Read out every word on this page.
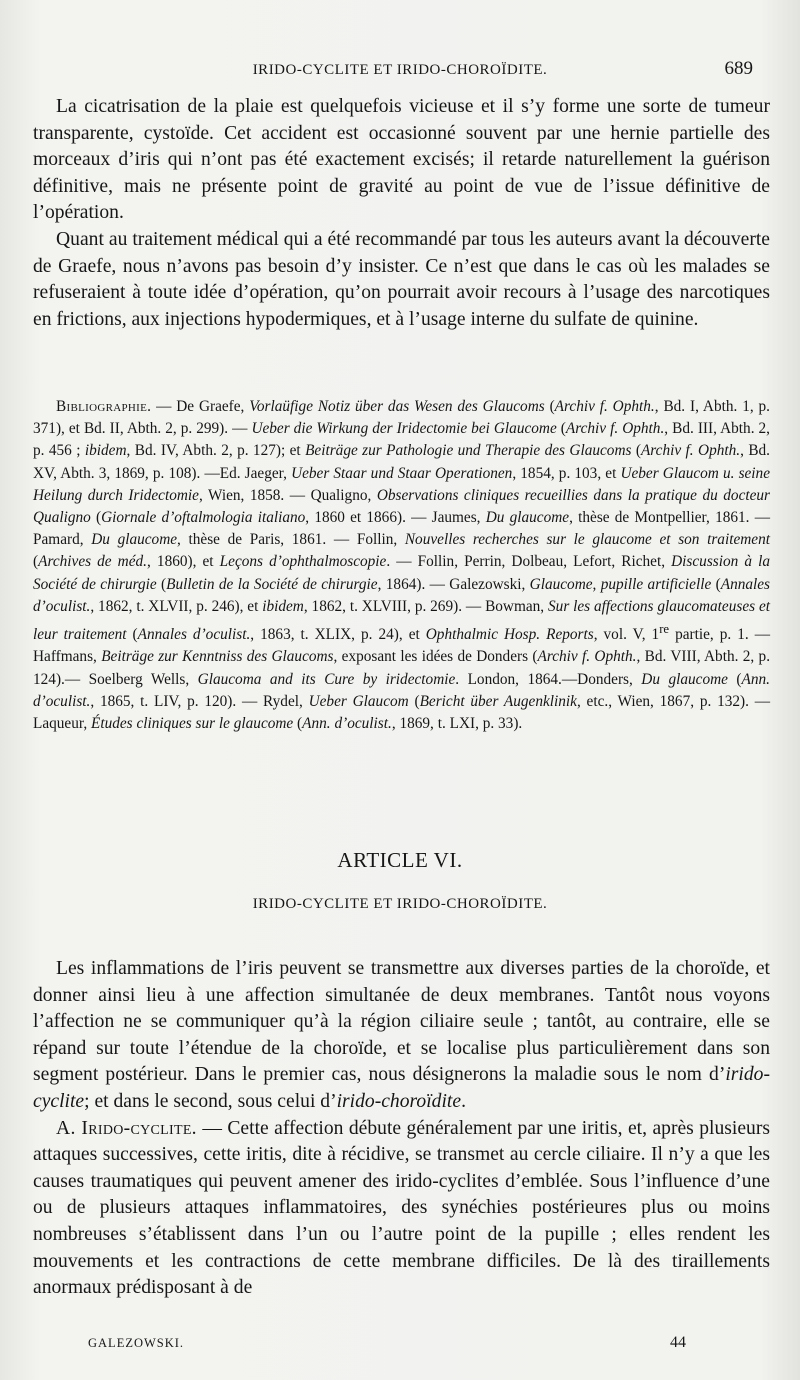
IRIDO-CYCLITE ET IRIDO-CHOROÏDITE.	689

La cicatrisation de la plaie est quelquefois vicieuse et il s’y forme une sorte de tumeur transparente, cystoïde. Cet accident est occasionné souvent par une hernie partielle des morceaux d’iris qui n’ont pas été exactement excisés; il retarde naturellement la guérison définitive, mais ne présente point de gravité au point de vue de l’issue définitive de l’opération.

Quant au traitement médical qui a été recommandé par tous les auteurs avant la découverte de Graefe, nous n’avons pas besoin d’y insister. Ce n’est que dans le cas où les malades se refuseraient à toute idée d’opération, qu’on pourrait avoir recours à l’usage des narcotiques en frictions, aux injections hypodermiques, et à l’usage interne du sulfate de quinine.

Bibliographie. — De Graefe, Vorlaüfige Notiz über das Wesen des Glaucoms (Archiv f. Ophth., Bd. I, Abth. 1, p. 371), et Bd. II, Abth. 2, p. 299). — Ueber die Wirkung der Iridectomie bei Glaucome (Archiv f. Ophth., Bd. III, Abth. 2, p. 456 ; ibidem, Bd. IV, Abth. 2, p. 127); et Beiträge zur Pathologie und Therapie des Glaucoms (Archiv f. Ophth., Bd. XV, Abth. 3, 1869, p. 108). —Ed. Jaeger, Ueber Staar und Staar Operationen, 1854, p. 103, et Ueber Glaucom u. seine Heilung durch Iridectomie, Wien, 1858. — Qualigno, Observations cliniques recueillies dans la pratique du docteur Qualigno (Giornale d’oftalmologia italiano, 1860 et 1866). — Jaumes, Du glaucome, thèse de Montpellier, 1861. — Pamard, Du glaucome, thèse de Paris, 1861. — Follin, Nouvelles recherches sur le glaucome et son traitement (Archives de méd., 1860), et Leçons d’ophthalmoscopie. — Follin, Perrin, Dolbeau, Lefort, Richet, Discussion à la Société de chirurgie (Bulletin de la Société de chirurgie, 1864). — Galezowski, Glaucome, pupille artificielle (Annales d’oculist., 1862, t. XLVII, p. 246), et ibidem, 1862, t. XLVIII, p. 269). — Bowman, Sur les affections glaucomateuses et leur traitement (Annales d’oculist., 1863, t. XLIX, p. 24), et Ophthalmic Hosp. Reports, vol. V, 1re partie, p. 1. — Haffmans, Beiträge zur Kenntniss des Glaucoms, exposant les idées de Donders (Archiv f. Ophth., Bd. VIII, Abth. 2, p. 124).— Soelberg Wells, Glaucoma and its Cure by iridectomie. London, 1864.—Donders, Du glaucome (Ann. d’oculist., 1865, t. LIV, p. 120). — Rydel, Ueber Glaucom (Bericht über Augenklinik, etc., Wien, 1867, p. 132). — Laqueur, Études cliniques sur le glaucome (Ann. d’oculist., 1869, t. LXI, p. 33).

ARTICLE VI.
IRIDO-CYCLITE ET IRIDO-CHOROÏDITE.

Les inflammations de l’iris peuvent se transmettre aux diverses parties de la choroïde, et donner ainsi lieu à une affection simultanée de deux membranes. Tantôt nous voyons l’affection ne se communiquer qu’à la région ciliaire seule ; tantôt, au contraire, elle se répand sur toute l’étendue de la choroïde, et se localise plus particulièrement dans son segment postérieur. Dans le premier cas, nous désignerons la maladie sous le nom d’irido-cyclite; et dans le second, sous celui d’irido-choroïdite.

A. Irido-cyclite. — Cette affection débute généralement par une iritis, et, après plusieurs attaques successives, cette iritis, dite à récidive, se transmet au cercle ciliaire. Il n’y a que les causes traumatiques qui peuvent amener des irido-cyclites d’emblée. Sous l’influence d’une ou de plusieurs attaques inflammatoires, des synéchies postérieures plus ou moins nombreuses s’établissent dans l’un ou l’autre point de la pupille ; elles rendent les mouvements et les contractions de cette membrane difficiles. De là des tiraillements anormaux prédisposant à de

GALEZOWSKI.	44
